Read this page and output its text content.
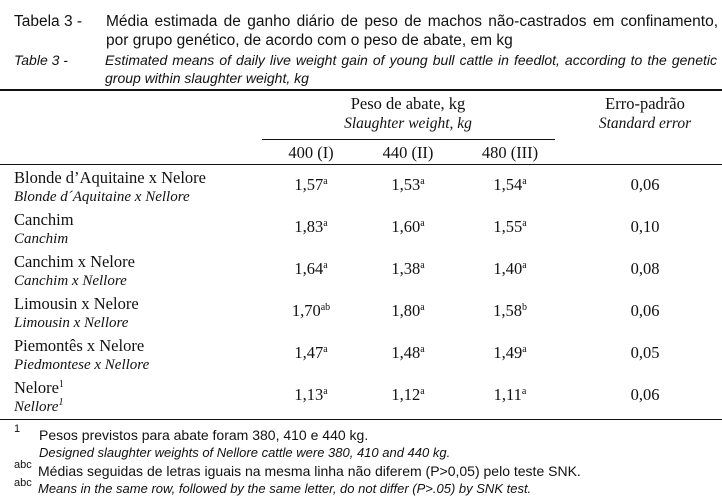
Tabela 3 - Média estimada de ganho diário de peso de machos não-castrados em confinamento, por grupo genético, de acordo com o peso de abate, em kg
Table 3 -	Estimated means of daily live weight gain of young bull cattle in feedlot, according to the genetic group within slaughter weight, kg
Peso de abate, kg
Slaughter weight, kg
Erro-padrão
Standard error
400 (I)	440 (II)	480 (III)
Blonde d’Aquitaine x Nelore
Blonde d´Aquitaine x Nellore
1,57$^a$	1,53$^a$	1,54$^a$	0,06
Canchim
Canchim
1,83$^a$	1,60$^a$	1,55$^a$	0,10
Canchim x Nelore
Canchim x Nellore
1,64$^a$	1,38$^a$	1,40$^a$	0,08
Limousin x Nelore
Limousin x Nellore
1,70$^{ab}$	1,80$^a$	1,58$^b$	0,06
Piemontês x Nelore
Piedmontese x Nellore
1,47$^a$	1,48$^a$	1,49$^a$	0,05
Nelore$^1$
Nellore$^1$	1,13$^a$	1,12$^a$	1,11$^a$	0,06
1 Pesos previstos para abate foram 380, 410 e 440 kg.
Designed slaughter weights of Nellore cattle were 380, 410 and 440 kg.
abc Médias seguidas de letras iguais na mesma linha não diferem (P>0,05) pelo teste SNK.
abc Means in the same row, followed by the same letter, do not differ (P>.05) by SNK test.
